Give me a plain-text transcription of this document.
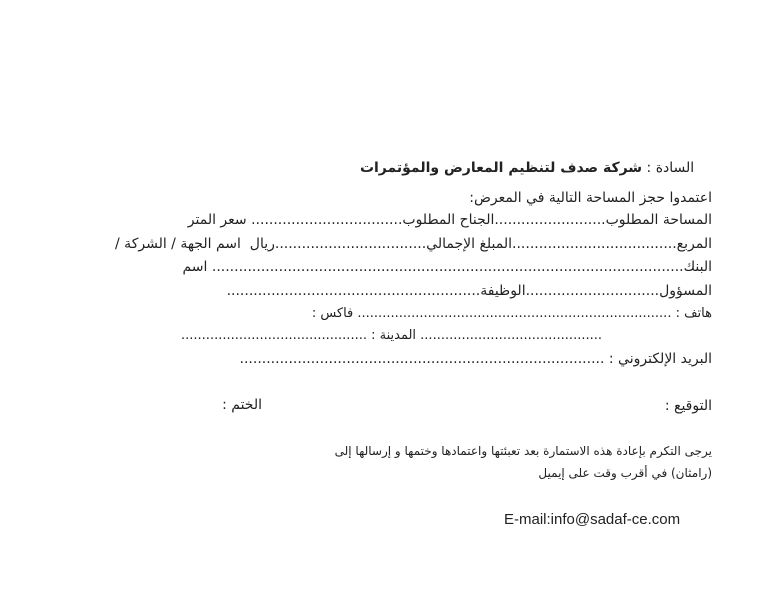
السادة : شركة صدف لتنظيم المعارض والمؤتمرات

اعتمدوا حجز المساحة التالية في المعرض:
المساحة المطلوب.........................الجناح المطلوب.................................. سعر المتر
المربع.....................................المبلغ الإجمالي..................................ريال  اسم الجهة / الشركة /
البنك.......................................................................................................... اسم
المسؤول..............................الوظيفة.........................................................
هاتف : ............................................................................ فاكس :
............................................ المدينة : .............................................
البريد الإلكتروني : ..................................................................................
التوقيع :
الختم :
يرجى التكرم بإعادة هذه الاستمارة بعد تعبئتها واعتمادها وختمها و إرسالها إلى
(رامثان) في أقرب وقت على إيميل
E-mail:info@sadaf-ce.com
